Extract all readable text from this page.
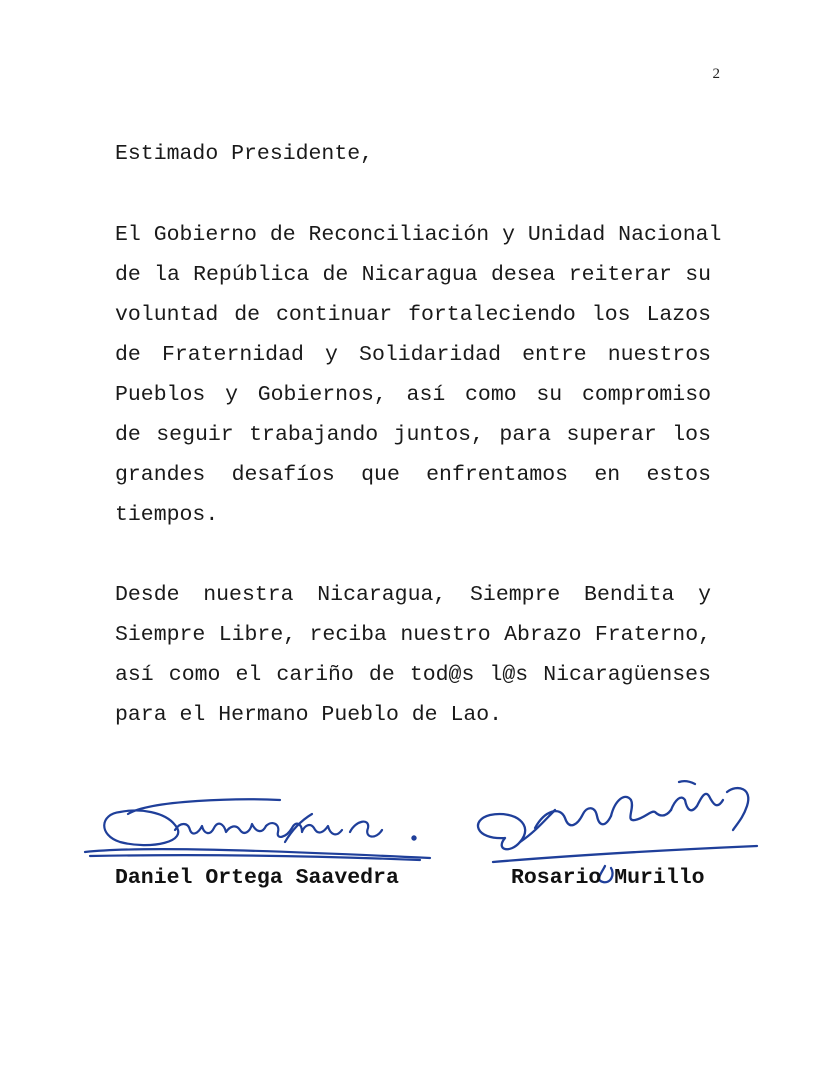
2

Estimado Presidente,

El Gobierno de Reconciliación y Unidad Nacional
de la República de Nicaragua desea reiterar su
voluntad de continuar fortaleciendo los Lazos
de Fraternidad y Solidaridad entre nuestros
Pueblos y Gobiernos, así como su compromiso
de seguir trabajando juntos, para superar los
grandes desafíos que enfrentamos en estos
tiempos.
Desde nuestra Nicaragua, Siempre Bendita y
Siempre Libre, reciba nuestro Abrazo Fraterno,
así como el cariño de tod@s l@s Nicaragüenses
para el Hermano Pueblo de Lao.
Daniel Ortega Saavedra	Rosario Murillo
